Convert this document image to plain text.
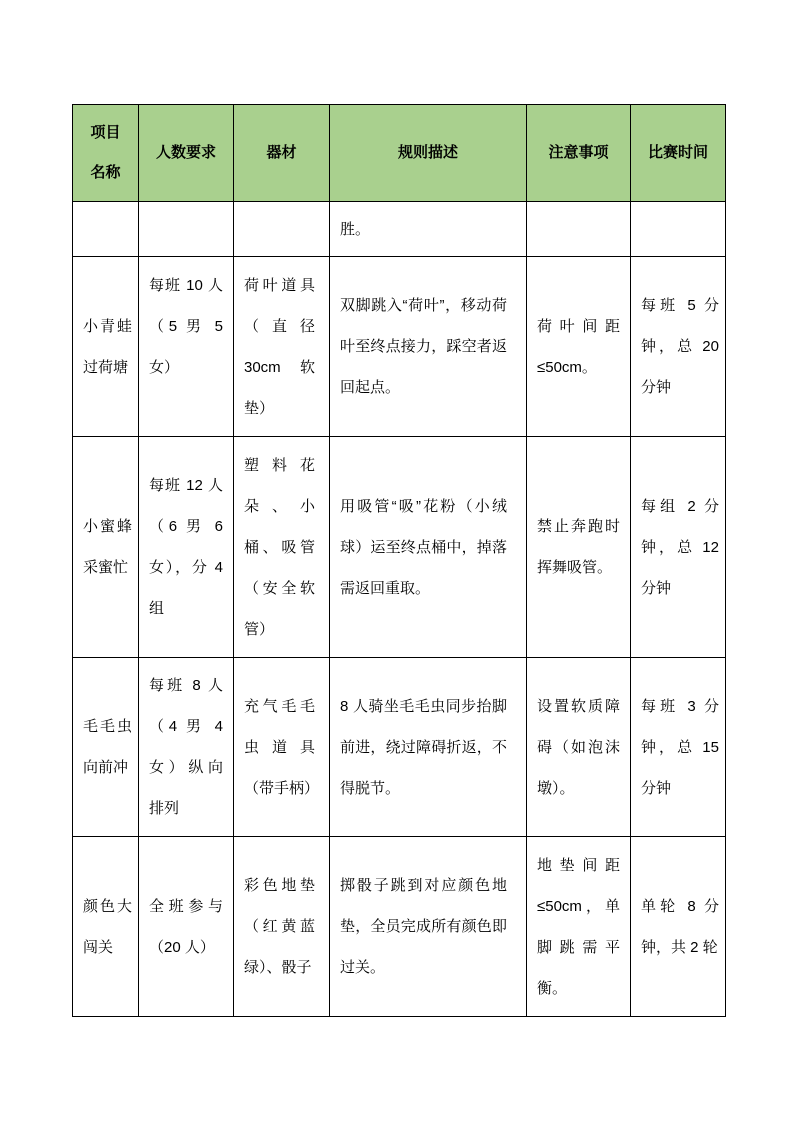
项目名称	人数要求	器材	规则描述	注意事项	比赛时间
			胜。		
小青蛙过荷塘	每班 10 人（5 男 5 女）	荷叶道具（直径 30cm 软垫）	双脚跳入“荷叶”，移动荷叶至终点接力，踩空者返回起点。	荷叶间距≤50cm。	每班 5 分钟，总 20 分钟
小蜜蜂采蜜忙	每班 12 人（6 男 6 女），分 4 组	塑料花朵、小桶、吸管（安全软管）	用吸管“吸”花粉（小绒球）运至终点桶中，掉落需返回重取。	禁止奔跑时挥舞吸管。	每组 2 分钟，总 12 分钟
毛毛虫向前冲	每班 8 人（4 男 4 女）纵向排列	充气毛毛虫道具（带手柄）	8 人骑坐毛毛虫同步抬脚前进，绕过障碍折返，不得脱节。	设置软质障碍（如泡沫墩）。	每班 3 分钟，总 15 分钟
颜色大闯关	全班参与（20 人）	彩色地垫（红黄蓝绿）、骰子	掷骰子跳到对应颜色地垫，全员完成所有颜色即过关。	地垫间距≤50cm，单脚跳需平衡。	单轮 8 分钟，共 2 轮
